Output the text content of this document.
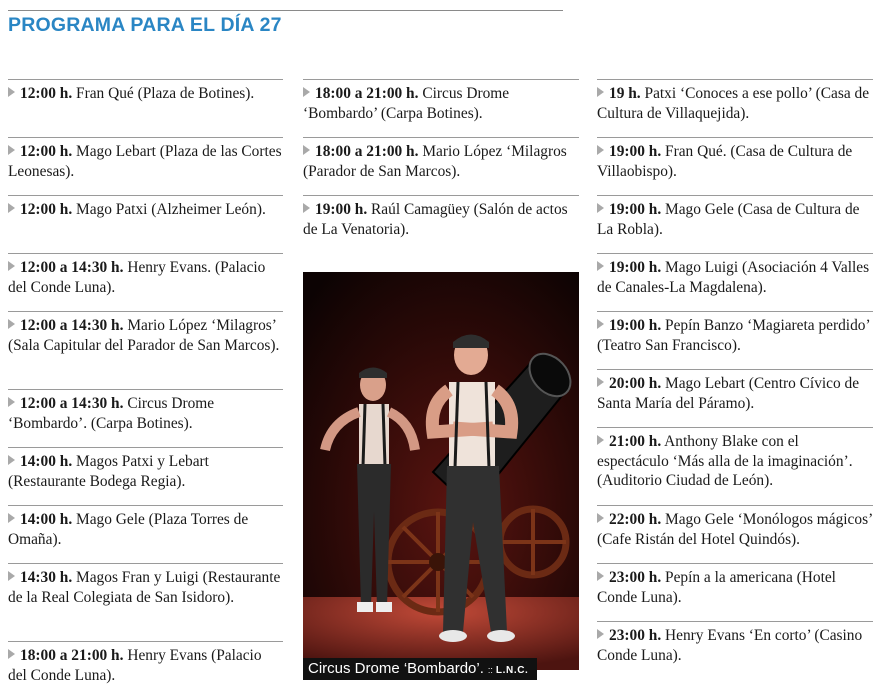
PROGRAMA PARA EL DÍA 27
12:00 h. Fran Qué (Plaza de Botines).
12:00 h. Mago Lebart (Plaza de las Cortes Leonesas).
12:00 h. Mago Patxi (Alzheimer León).
12:00 a 14:30 h. Henry Evans. (Palacio del Conde Luna).
12:00 a 14:30 h. Mario López ‘Milagros’ (Sala Capitular del Parador de San Marcos).
12:00 a 14:30 h. Circus Drome ‘Bombardo’. (Carpa Botines).
14:00 h. Magos Patxi y Lebart (Restaurante Bodega Regia).
14:00 h. Mago Gele (Plaza Torres de Omaña).
14:30 h. Magos Fran y Luigi (Restaurante de la Real Colegiata de San Isidoro).
18:00 a 21:00 h. Henry Evans (Palacio del Conde Luna).
18:00 a 21:00 h. Circus Drome ‘Bombardo’ (Carpa Botines).
18:00 a 21:00 h. Mario López ‘Milagros (Parador de San Marcos).
19:00 h. Raúl Camagüey (Salón de actos de La Venatoria).
19 h. Patxi ‘Conoces a ese pollo’ (Casa de Cultura de Villaquejida).
19:00 h. Fran Qué. (Casa de Cultura de Villaobispo).
19:00 h. Mago Gele (Casa de Cultura de La Robla).
19:00 h. Mago Luigi (Asociación 4 Valles de Canales-La Magdalena).
19:00 h. Pepín Banzo ‘Magiareta perdido’ (Teatro San Francisco).
20:00 h. Mago Lebart (Centro Cívico de Santa María del Páramo).
21:00 h. Anthony Blake con el espectáculo ‘Más alla de la imaginación’. (Auditorio Ciudad de León).
22:00 h. Mago Gele ‘Monólogos mágicos’ (Cafe Ristán del Hotel Quindós).
23:00 h. Pepín a la americana (Hotel Conde Luna).
23:00 h. Henry Evans ‘En corto’ (Casino Conde Luna).
Circus Drome ‘Bombardo’. :: L.N.C.
